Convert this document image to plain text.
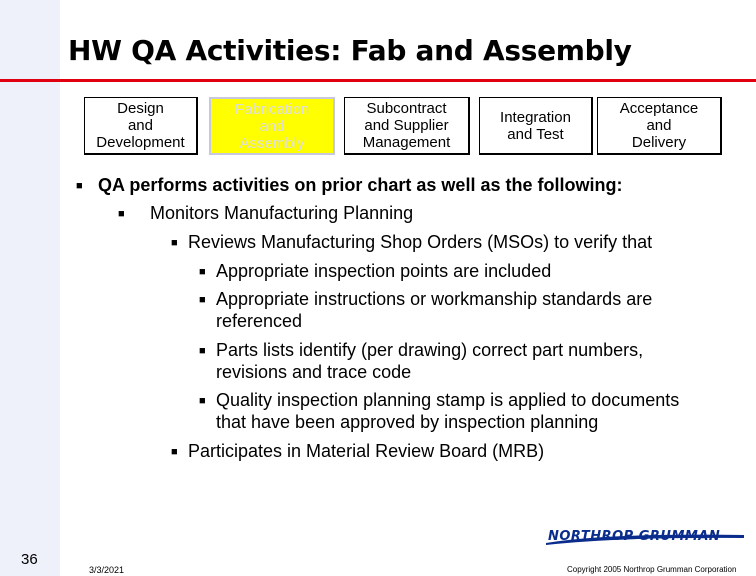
HW QA Activities: Fab and Assembly
Design
and
Development
Fabrication
and
Assembly
Subcontract
and Supplier
Management
Integration
and Test
Acceptance
and
Delivery
■ QA performs activities on prior chart as well as the following:
■ Monitors Manufacturing Planning
■ Reviews Manufacturing Shop Orders (MSOs) to verify that
■ Appropriate inspection points are included
■ Appropriate instructions or workmanship standards are
referenced
■ Parts lists identify (per drawing) correct part numbers,
revisions and trace code
■ Quality inspection planning stamp is applied to documents
that have been approved by inspection planning
■ Participates in Material Review Board (MRB)
NORTHROP GRUMMAN
36
3/3/2021	Copyright 2005 Northrop Grumman Corporation
